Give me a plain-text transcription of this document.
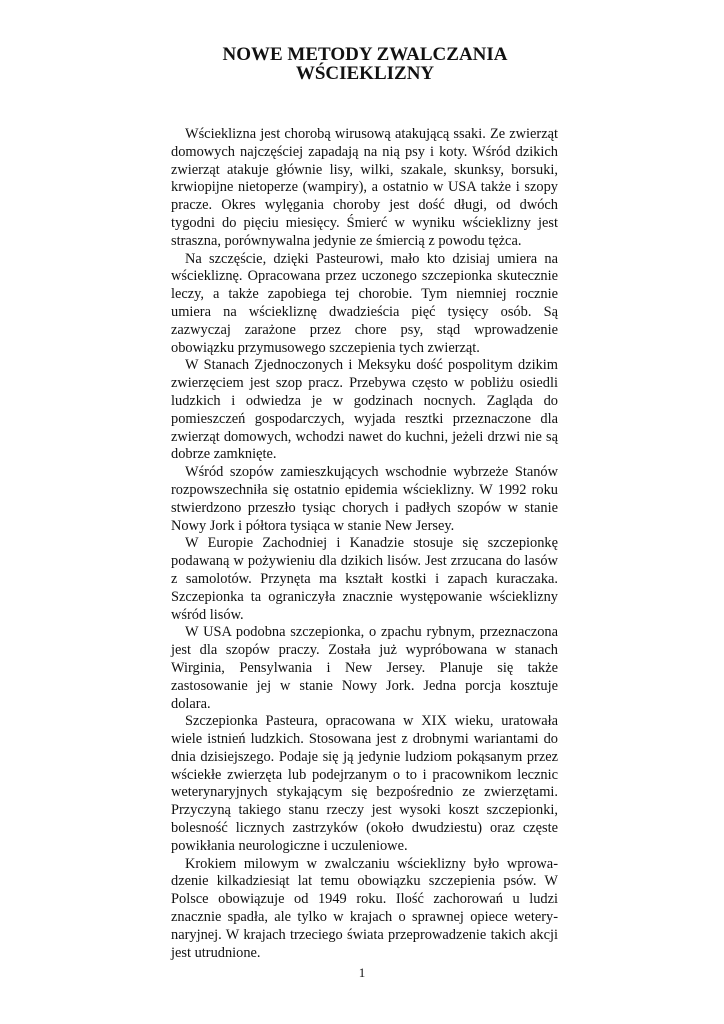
NOWE METODY ZWALCZANIA
WŚCIEKLIZNY

Wścieklizna jest chorobą wirusową atakującą ssaki. Ze zwierząt domowych najczęściej zapadają na nią psy i koty. Wśród dzikich zwierząt atakuje głównie lisy, wilki, szakale, skunksy, borsuki, krwiopijne nietoperze (wampiry), a ostatnio w USA także i szopy pracze. Okres wylęgania choroby jest dość długi, od dwóch tygodni do pięciu miesięcy. Śmierć w wyniku wścieklizny jest straszna, porównywalna jedynie ze śmiercią z powodu tężca.

Na szczęście, dzięki Pasteurowi, mało kto dzisiaj umiera na wściekliznę. Opracowana przez uczonego szczepionka skutecznie leczy, a także zapobiega tej chorobie. Tym niemniej rocznie umiera na wściekliznę dwadzieścia pięć tysięcy osób. Są zazwyczaj zarażone przez chore psy, stąd wprowadzenie obowiązku przymusowego szczepienia tych zwierząt.

W Stanach Zjednoczonych i Meksyku dość pospolitym dzikim zwierzęciem jest szop pracz. Przebywa często w pobliżu osiedli ludzkich i odwiedza je w godzinach nocnych. Zagląda do pomieszczeń gospodarczych, wyjada resztki przeznaczone dla zwierząt domowych, wchodzi nawet do kuchni, jeżeli drzwi nie są dobrze zamknięte.

Wśród szopów zamieszkujących wschodnie wybrzeże Stanów rozpowszechniła się ostatnio epidemia wścieklizny. W 1992 roku stwierdzono przeszło tysiąc chorych i padłych szopów w stanie Nowy Jork i półtora tysiąca w stanie New Jersey.

W Europie Zachodniej i Kanadzie stosuje się szczepionkę podawaną w pożywieniu dla dzikich lisów. Jest zrzucana do lasów z samolotów. Przynęta ma kształt kostki i zapach kuraczaka. Szczepionka ta ograniczyła znacznie występowanie wścieklizny wśród lisów.

W USA podobna szczepionka, o zpachu rybnym, przeznaczona jest dla szopów praczy. Została już wypróbowana w stanach Wirginia, Pensylwania i New Jersey. Planuje się także zastosowanie jej w stanie Nowy Jork. Jedna porcja kosztuje dolara.

Szczepionka Pasteura, opracowana w XIX wieku, uratowała wiele istnień ludzkich. Stosowana jest z drobnymi wariantami do dnia dzisiejszego. Podaje się ją jedynie ludziom pokąsanym przez wściekłe zwierzęta lub podejrzanym o to i pracownikom lecznic weterynaryjnych stykającym się bezpośrednio ze zwierzętami. Przyczyną takiego stanu rzeczy jest wysoki koszt szczepionki, bolesność licznych zastrzyków (około dwudziestu) oraz częste powikłania neurologiczne i uczuleniowe.

Krokiem milowym w zwalczaniu wścieklizny było wprowadzenie kilkadziesiąt lat temu obowiązku szczepienia psów. W Polsce obowiązuje od 1949 roku. Ilość zachorowań u ludzi znacznie spadła, ale tylko w krajach o sprawnej opiece weterynaryjnej. W krajach trzeciego świata przeprowadzenie takich akcji jest utrudnione.

1
